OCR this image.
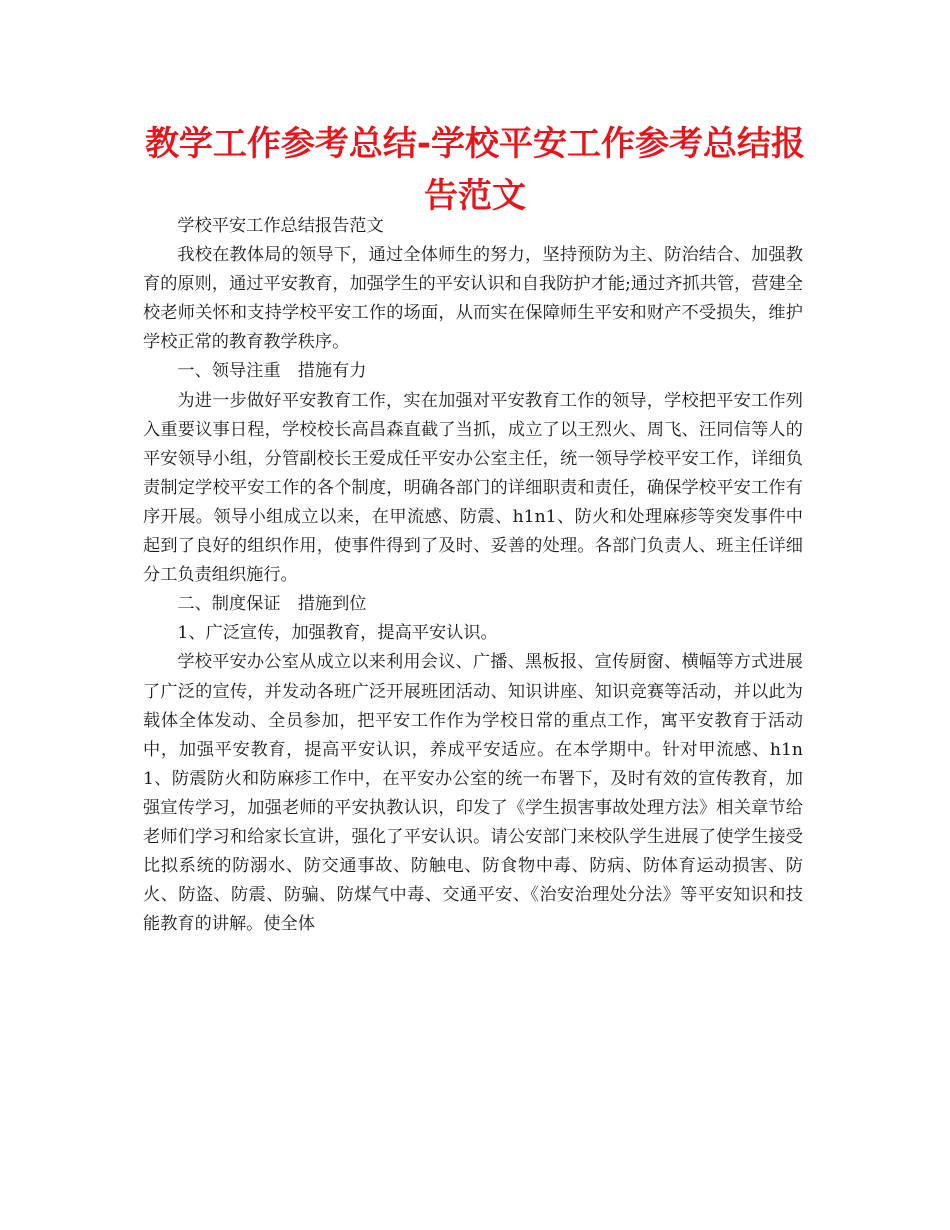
教学工作参考总结-学校平安工作参考总结报告范文

学校平安工作总结报告范文

我校在教体局的领导下，通过全体师生的努力，坚持预防为主、防治结合、加强教育的原则，通过平安教育，加强学生的平安认识和自我防护才能;通过齐抓共管，营建全校老师关怀和支持学校平安工作的场面，从而实在保障师生平安和财产不受损失，维护学校正常的教育教学秩序。

一、领导注重　措施有力

为进一步做好平安教育工作，实在加强对平安教育工作的领导，学校把平安工作列入重要议事日程，学校校长高昌森直截了当抓，成立了以王烈火、周飞、汪同信等人的平安领导小组，分管副校长王爱成任平安办公室主任，统一领导学校平安工作，详细负责制定学校平安工作的各个制度，明确各部门的详细职责和责任，确保学校平安工作有序开展。领导小组成立以来，在甲流感、防震、h1n1、防火和处理麻疹等突发事件中起到了良好的组织作用，使事件得到了及时、妥善的处理。各部门负责人、班主任详细分工负责组织施行。

二、制度保证　措施到位

1、广泛宣传，加强教育，提高平安认识。

学校平安办公室从成立以来利用会议、广播、黑板报、宣传厨窗、横幅等方式进展了广泛的宣传，并发动各班广泛开展班团活动、知识讲座、知识竞赛等活动，并以此为载体全体发动、全员参加，把平安工作作为学校日常的重点工作，寓平安教育于活动中，加强平安教育，提高平安认识，养成平安适应。在本学期中。针对甲流感、h1n1、防震防火和防麻疹工作中，在平安办公室的统一布署下，及时有效的宣传教育，加强宣传学习，加强老师的平安执教认识，印发了《学生损害事故处理方法》相关章节给老师们学习和给家长宣讲，强化了平安认识。请公安部门来校队学生进展了使学生接受比拟系统的防溺水、防交通事故、防触电、防食物中毒、防病、防体育运动损害、防火、防盗、防震、防骗、防煤气中毒、交通平安、《治安治理处分法》等平安知识和技能教育的讲解。使全体
